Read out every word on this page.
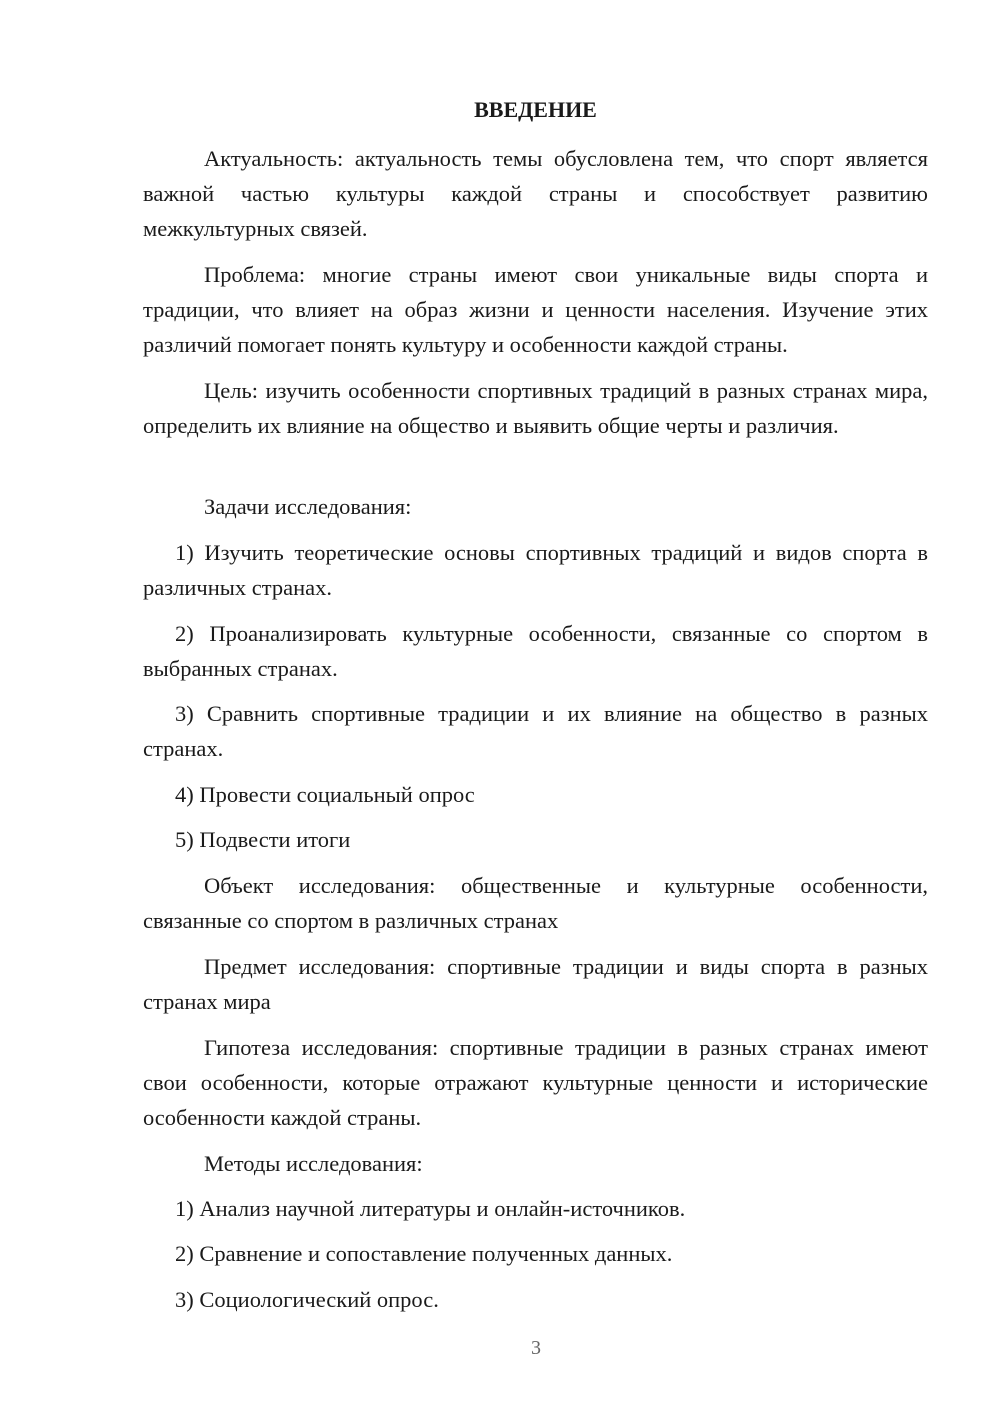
ВВЕДЕНИЕ

Актуальность: актуальность темы обусловлена тем, что спорт является важной частью культуры каждой страны и способствует развитию межкультурных связей.

Проблема: многие страны имеют свои уникальные виды спорта и традиции, что влияет на образ жизни и ценности населения. Изучение этих различий помогает понять культуру и особенности каждой страны.

Цель: изучить особенности спортивных традиций в разных странах мира, определить их влияние на общество и выявить общие черты и различия.

Задачи исследования:

1) Изучить теоретические основы спортивных традиций и видов спорта в различных странах.

2) Проанализировать культурные особенности, связанные со спортом в выбранных странах.

3) Сравнить спортивные традиции и их влияние на общество в разных странах.

4) Провести социальный опрос

5) Подвести итоги

Объект исследования: общественные и культурные особенности, связанные со спортом в различных странах

Предмет исследования: спортивные традиции и виды спорта в разных странах мира

Гипотеза исследования: спортивные традиции в разных странах имеют свои особенности, которые отражают культурные ценности и исторические особенности каждой страны.

Методы исследования:

1) Анализ научной литературы и онлайн-источников.

2) Сравнение и сопоставление полученных данных.

3) Социологический опрос.

3
